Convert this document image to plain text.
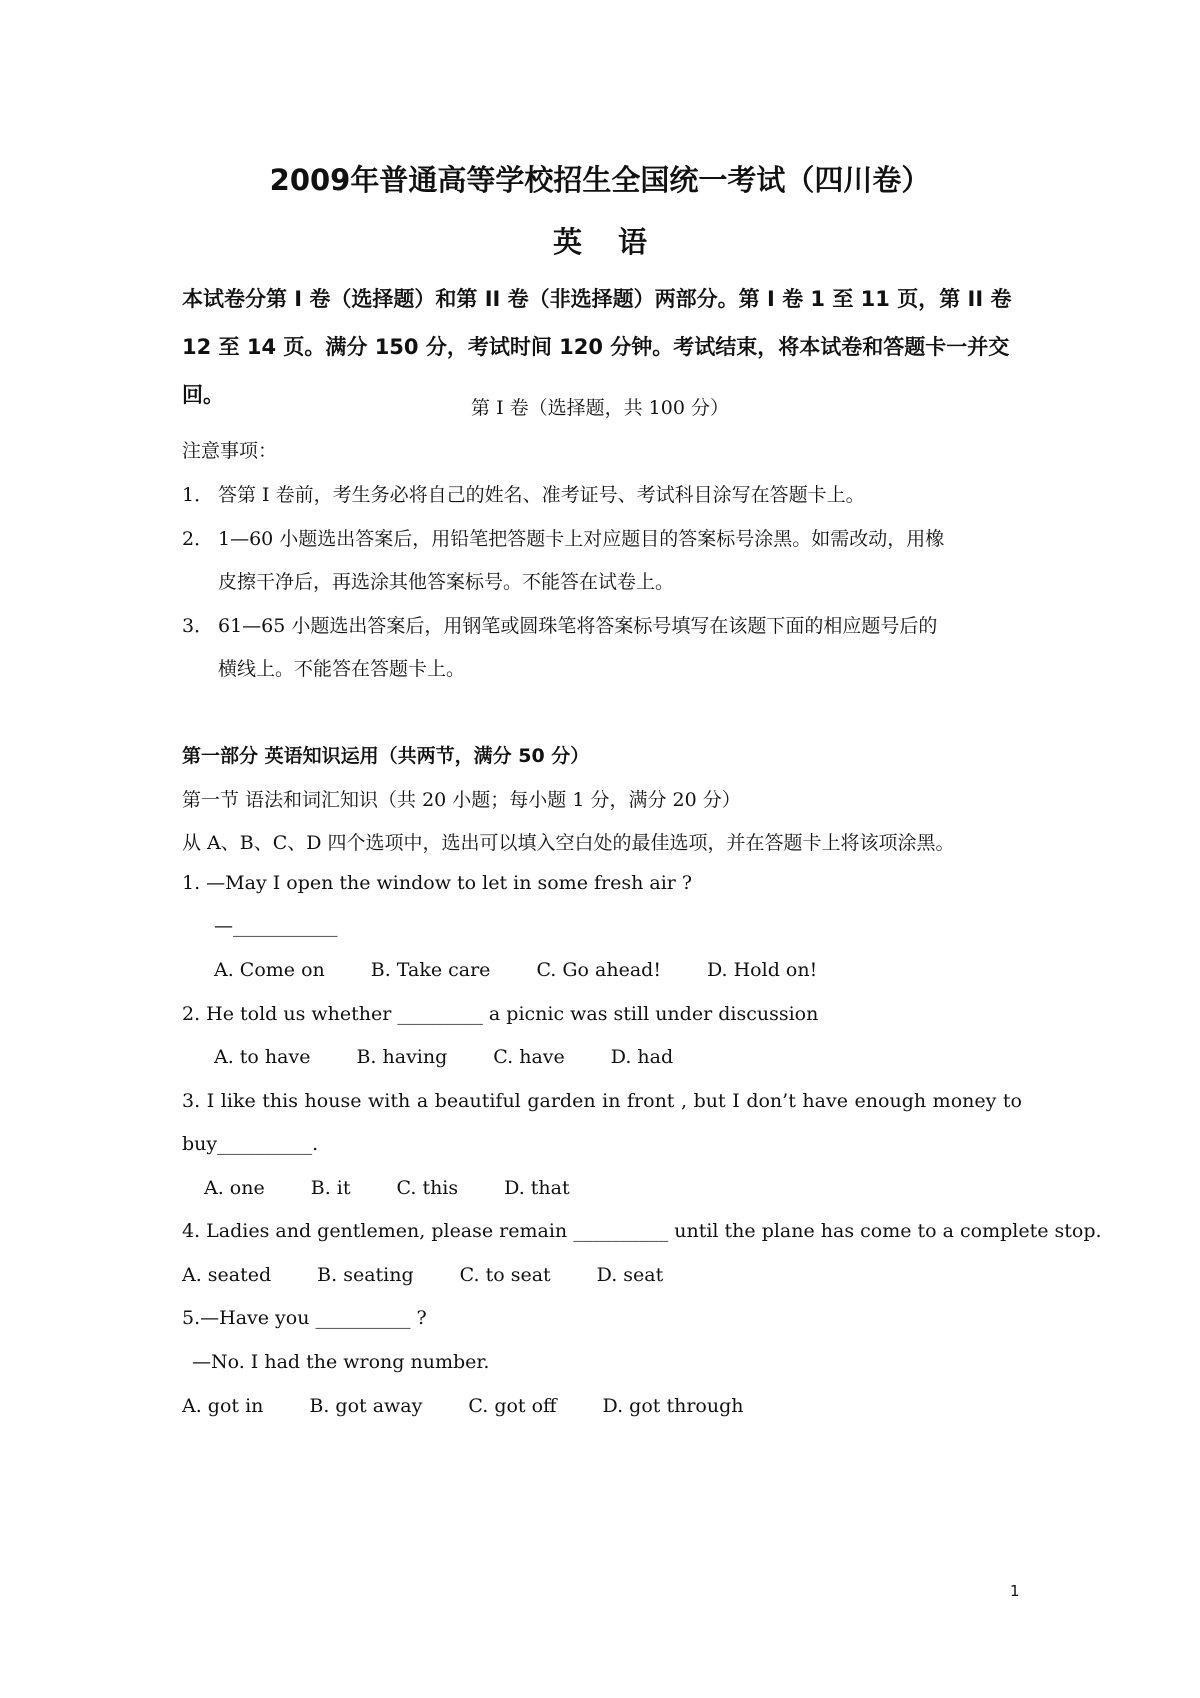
2009年普通高等学校招生全国统一考试（四川卷）
英语

本试卷分第 I 卷（选择题）和第 II 卷（非选择题）两部分。第 I 卷 1 至 11 页，第 II 卷 12 至 14 页。满分 150 分，考试时间 120 分钟。考试结束，将本试卷和答题卡一并交回。

第 I 卷（选择题，共 100 分）
注意事项：
1． 答第 I 卷前，考生务必将自己的姓名、准考证号、考试科目涂写在答题卡上。
2． 1—60 小题选出答案后，用铅笔把答题卡上对应题目的答案标号涂黑。如需改动，用橡
皮擦干净后，再选涂其他答案标号。不能答在试卷上。
3． 61—65 小题选出答案后，用钢笔或圆珠笔将答案标号填写在该题下面的相应题号后的
横线上。不能答在答题卡上。
第一部分 英语知识运用（共两节，满分 50 分）
第一节 语法和词汇知识（共 20 小题；每小题 1 分，满分 20 分）
从 A、B、C、D 四个选项中，选出可以填入空白处的最佳选项，并在答题卡上将该项涂黑。
1. —May I open the window to let in some fresh air ?
—___________
A. Come on B. Take care C. Go ahead! D. Hold on!
2. He told us whether _________ a picnic was still under discussion
A. to have B. having C. have D. had
3. I like this house with a beautiful garden in front , but I don’t have enough money to
buy__________.
A. one B. it C. this D. that
4. Ladies and gentlemen, please remain __________ until the plane has come to a complete stop.
A. seated B. seating C. to seat D. seat
5.—Have you __________ ?
—No. I had the wrong number.
A. got in B. got away C. got off D. got through
1
